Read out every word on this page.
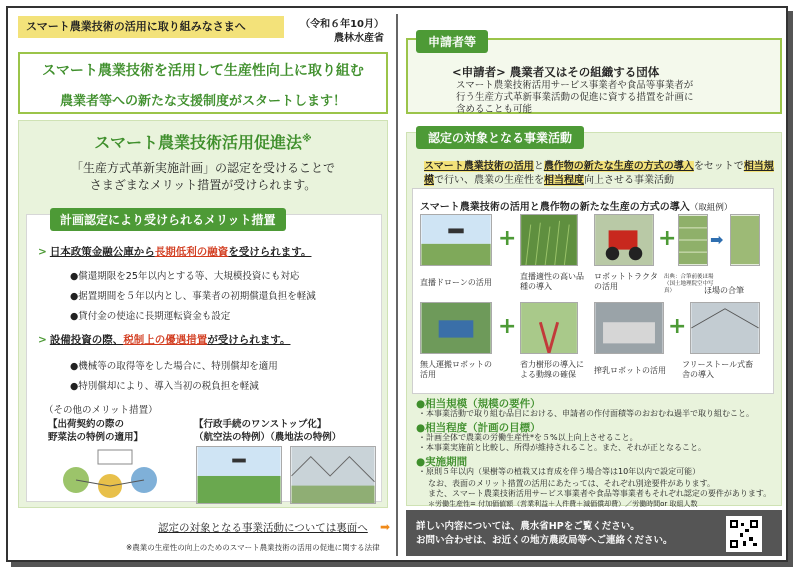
スマート農業技術の活用に取り組みなさまへ	（令和６年10月）
農林水産省
スマート農業技術を活用して生産性向上に取り組む
農業者等への新たな支援制度がスタートします！
スマート農業技術活用促進法※
「生産方式革新実施計画」の認定を受けることで
さまざまなメリット措置が受けられます。
計画認定により受けられるメリット措置
> 日本政策金融公庫から長期低利の融資を受けられます。
●償還期限を25年以内とする等、大規模投資にも対応
●据置期間を５年以内とし、事業者の初期償還負担を軽減
●貸付金の使途に長期運転資金も設定
> 設備投資の際、税制上の優遇措置が受けられます。
●機械等の取得等をした場合に、特別償却を適用
●特別償却により、導入当初の税負担を軽減
（その他のメリット措置）
【出荷契約の際の
野菜法の特例の適用】
【行政手続のワンストップ化】
（航空法の特例）（農地法の特例）
認定の対象となる事業活動については裏面へ ➡
※農業の生産性の向上のためのスマート農業技術の活用の促進に関する法律
申請者等
<申請者> 農業者又はその組織する団体
スマート農業技術活用サービス事業者や食品等事業者が
行う生産方式革新事業活動の促進に資する措置を計画に
含めることも可能
認定の対象となる事業活動
スマート農業技術の活用と農作物の新たな生産の方式の導入をセットで相当規模で行い、農業の生産性を相当程度向上させる事業活動
スマート農業技術の活用と農作物の新たな生産の方式の導入（取組例）
+
直播ドローンの活用
直播適性の高い品種の導入
+ ➡
ロボットトラクタの活用
出典：合筆前後ほ場（国土地理院空中写真）	ほ場の合筆
+
無人運搬ロボットの活用
省力樹形の導入による動線の確保
+
搾乳ロボットの活用
フリーストール式畜舎の導入
●相当規模（規模の要件）
・本事業活動で取り組む品目における、申請者の作付面積等のおおむね過半で取り組むこと。
●相当程度（計画の目標）
・計画全体で農業の労働生産性*を５%以上向上させること。
・本事業実施前と比較し、所得が維持されること。また、それが正となること。
●実施期間
・原則５年以内（果樹等の植栽又は育成を伴う場合等は10年以内で設定可能）
なお、表面のメリット措置の活用にあたっては、それぞれ別途要件があります。
また、スマート農業技術活用サービス事業者や食品等事業者もそれぞれ認定の要件があります。
＊労働生産性= 付加価値額（営業利益＋人件費＋減価償却費）／労働時間or 取組人数
詳しい内容については、農水省HPをご覧ください。
お問い合わせは、お近くの地方農政局等へご連絡ください。
